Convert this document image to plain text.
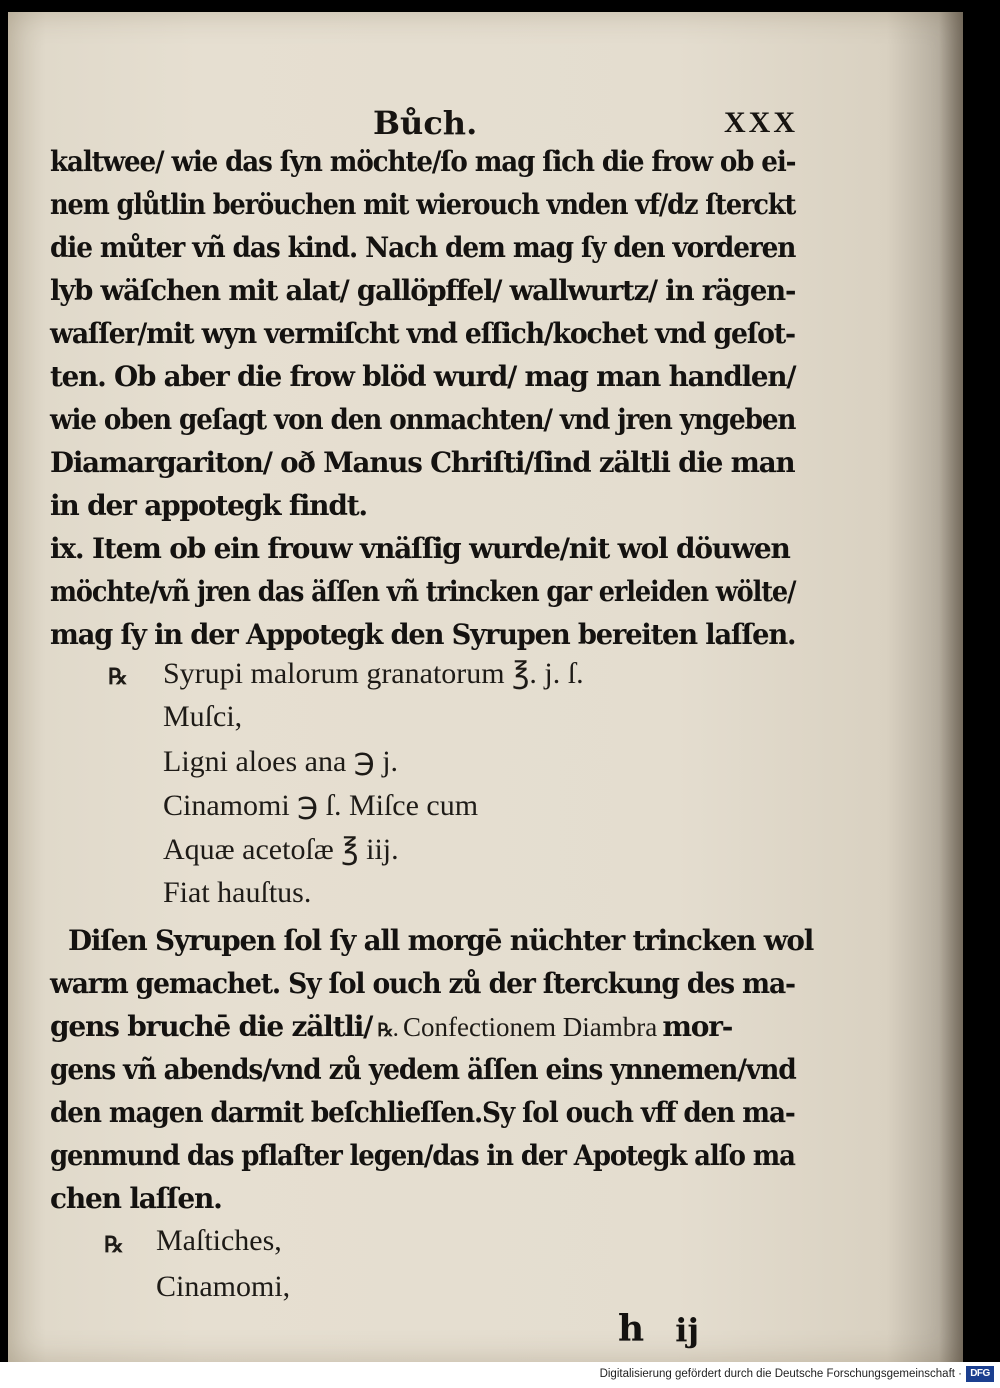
Bůch.	XXX
kaltwee/ wie das ſyn möchte/ſo mag ſich die frow ob ei-
nem glůtlin beröuchen mit wierouch vnden vf/dz ſterckt
die můter vñ das kind. Nach dem mag ſy den vorderen
lyb wäſchen mit alat/ gallöpffel/ wallwurtz/ in rägen-
waſſer/mit wyn vermiſcht vnd eſſich/kochet vnd geſot-
ten. Ob aber die frow blöd wurd/ mag man handlen/
wie oben geſagt von den onmachten/ vnd jren yngeben
Diamargariton/ oð Manus Chriſti/ſind zältli die man
in der appotegk findt.
ix. Item ob ein frouw vnäſſig wurde/nit wol döuwen
möchte/vñ jren das äſſen vñ trincken gar erleiden wölte/
mag ſy in der Appotegk den Syrupen bereiten laſſen.
℞ Syrupi malorum granatorum ℥. j. ſ.
Muſci,
Ligni aloes ana ℈ j.
Cinamomi ℈ ſ. Miſce cum
Aquæ acetoſæ ℥ iij.
Fiat hauſtus.
Diſen Syrupen ſol ſy all morgē nüchter trincken wol
warm gemachet. Sy ſol ouch zů der ſterckung des ma-
gens bruchē die zältli/ ℞. Confectionem Diambra mor-
gens vñ abends/vnd zů yedem äſſen eins ynnemen/vnd
den magen darmit beſchlieſſen.Sy ſol ouch vff den ma-
genmund das pflaſter legen/das in der Apotegk alſo ma
chen laſſen.
℞ Maſtiches,
Cinamomi,
h ij
Digitalisierung gefördert durch die Deutsche Forschungsgemeinschaft · DFG
